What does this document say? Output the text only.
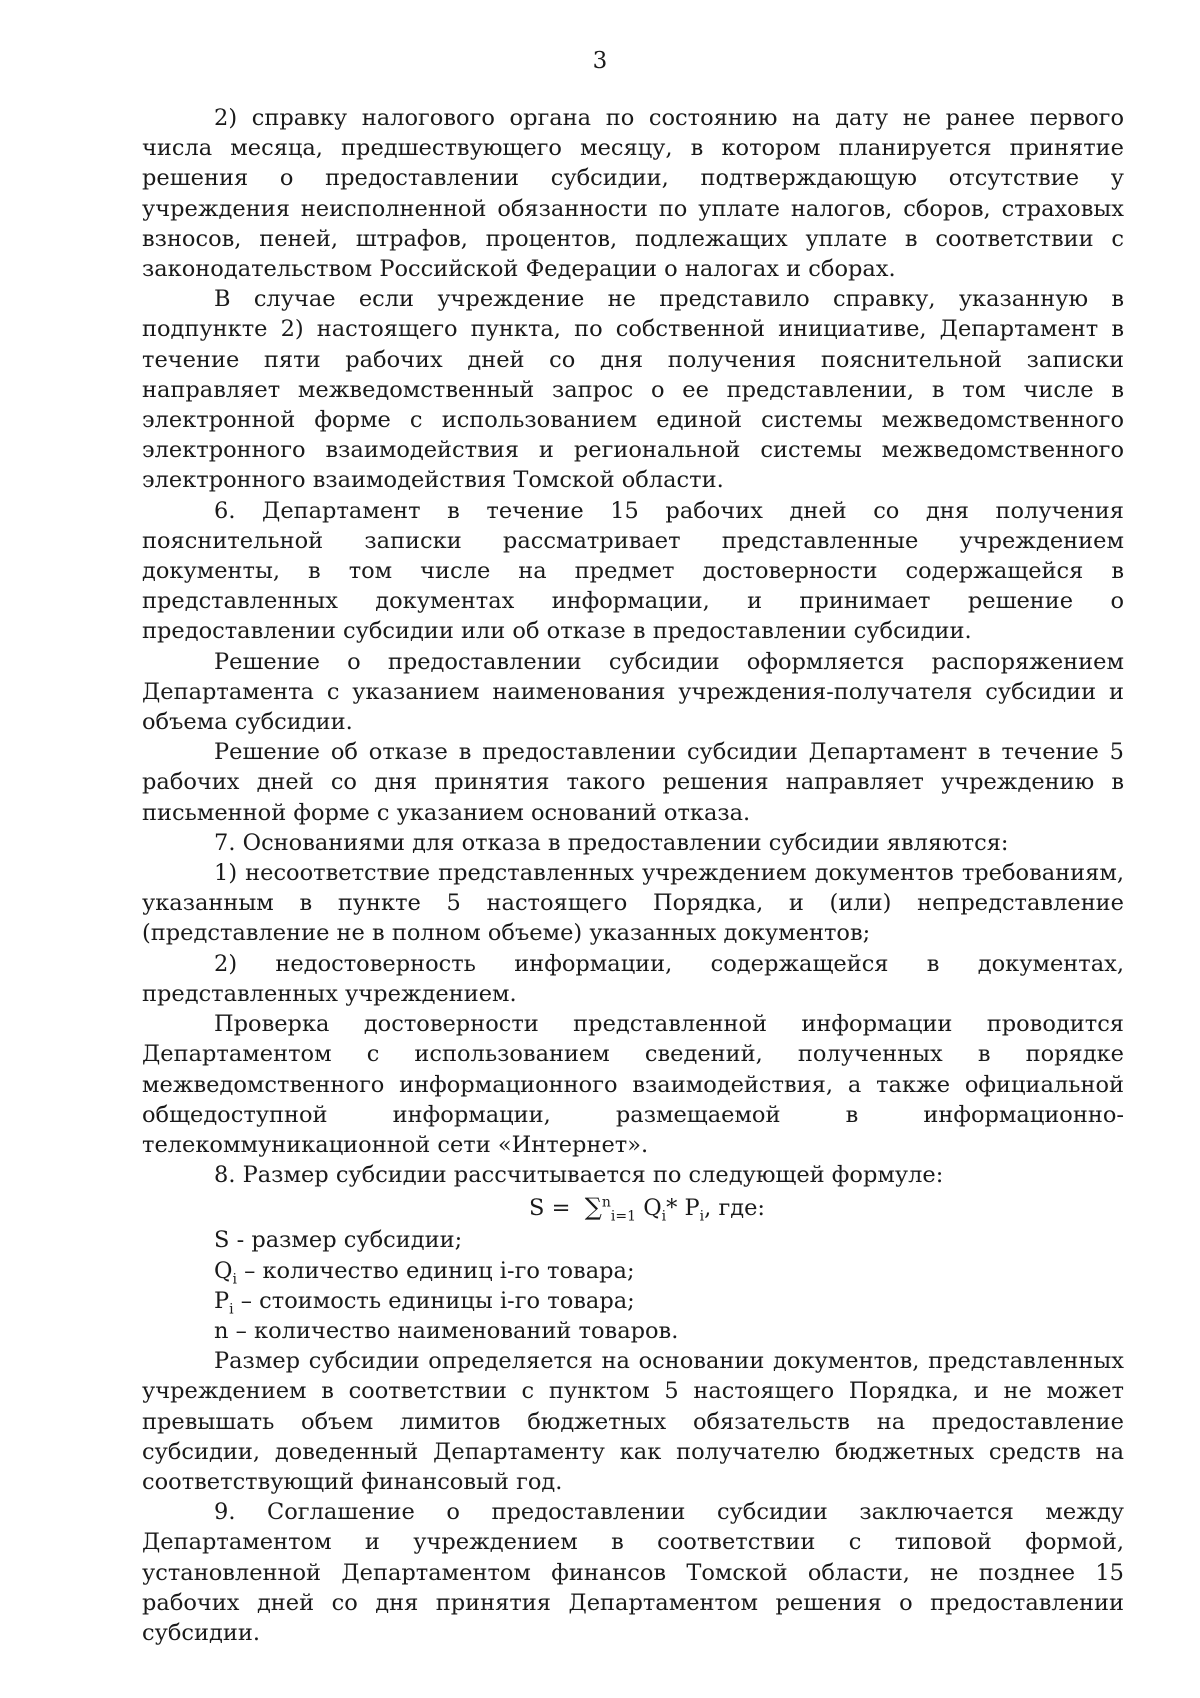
3

2) справку налогового органа по состоянию на дату не ранее первого числа месяца, предшествующего месяцу, в котором планируется принятие решения о предоставлении субсидии, подтверждающую отсутствие у учреждения неисполненной обязанности по уплате налогов, сборов, страховых взносов, пеней, штрафов, процентов, подлежащих уплате в соответствии с законодательством Российской Федерации о налогах и сборах.

В случае если учреждение не представило справку, указанную в подпункте 2) настоящего пункта, по собственной инициативе, Департамент в течение пяти рабочих дней со дня получения пояснительной записки направляет межведомственный запрос о ее представлении, в том числе в электронной форме с использованием единой системы межведомственного электронного взаимодействия и региональной системы межведомственного электронного взаимодействия Томской области.

6. Департамент в течение 15 рабочих дней со дня получения пояснительной записки рассматривает представленные учреждением документы, в том числе на предмет достоверности содержащейся в представленных документах информации, и принимает решение о предоставлении субсидии или об отказе в предоставлении субсидии.

Решение о предоставлении субсидии оформляется распоряжением Департамента с указанием наименования учреждения-получателя субсидии и объема субсидии.

Решение об отказе в предоставлении субсидии Департамент в течение 5 рабочих дней со дня принятия такого решения направляет учреждению в письменной форме с указанием оснований отказа.

7. Основаниями для отказа в предоставлении субсидии являются:

1) несоответствие представленных учреждением документов требованиям, указанным в пункте 5 настоящего Порядка, и (или) непредставление (представление не в полном объеме) указанных документов;

2) недостоверность информации, содержащейся в документах, представленных учреждением.

Проверка достоверности представленной информации проводится Департаментом с использованием сведений, полученных в порядке межведомственного информационного взаимодействия, а также официальной общедоступной информации, размещаемой в информационно-телекоммуникационной сети «Интернет».

8. Размер субсидии рассчитывается по следующей формуле:

S = ∑$^n_{i=1}$ $Q_i*$ $P_i$, где:

S - размер субсидии;

$Q_i$ – количество единиц i-го товара;

$P_i$ – стоимость единицы i-го товара;

n – количество наименований товаров.

Размер субсидии определяется на основании документов, представленных учреждением в соответствии с пунктом 5 настоящего Порядка, и не может превышать объем лимитов бюджетных обязательств на предоставление субсидии, доведенный Департаменту как получателю бюджетных средств на соответствующий финансовый год.

9. Соглашение о предоставлении субсидии заключается между Департаментом и учреждением в соответствии с типовой формой, установленной Департаментом финансов Томской области, не позднее 15 рабочих дней со дня принятия Департаментом решения о предоставлении субсидии.
